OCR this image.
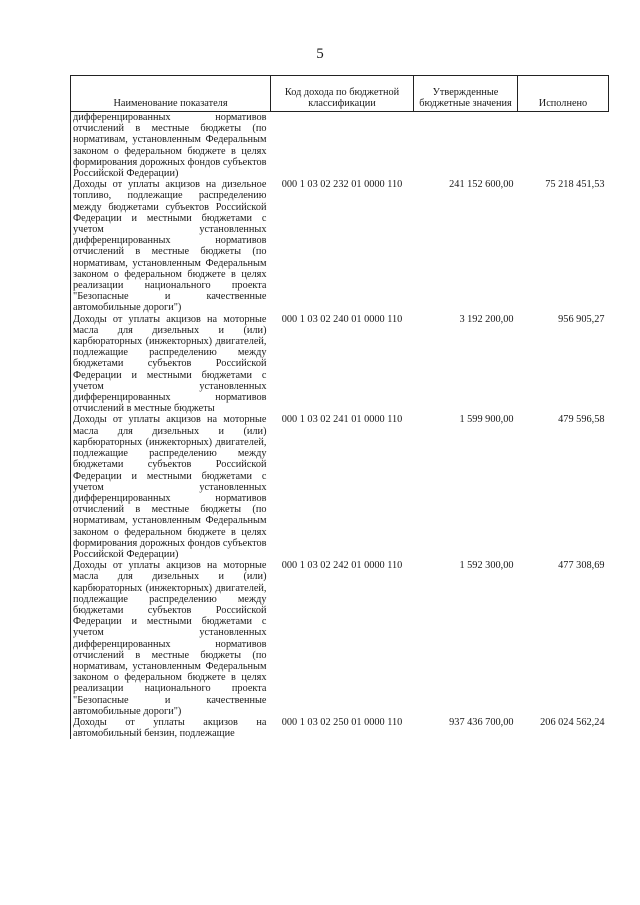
5
Наименование показателя	Код дохода по бюджетной классификации	Утвержденные бюджетные значения	Исполнено
дифференцированных нормативов отчислений в местные бюджеты (по нормативам, установленным Федеральным законом о федеральном бюджете в целях формирования дорожных фондов субъектов Российской Федерации)			
Доходы от уплаты акцизов на дизельное топливо, подлежащие распределению между бюджетами субъектов Российской Федерации и местными бюджетами с учетом установленных дифференцированных нормативов отчислений в местные бюджеты (по нормативам, установленным Федеральным законом о федеральном бюджете в целях реализации национального проекта "Безопасные и качественные автомобильные дороги")	000 1 03 02 232 01 0000 110	241 152 600,00	75 218 451,53
Доходы от уплаты акцизов на моторные масла для дизельных и (или) карбюраторных (инжекторных) двигателей, подлежащие распределению между бюджетами субъектов Российской Федерации и местными бюджетами с учетом установленных дифференцированных нормативов отчислений в местные бюджеты	000 1 03 02 240 01 0000 110	3 192 200,00	956 905,27
Доходы от уплаты акцизов на моторные масла для дизельных и (или) карбюраторных (инжекторных) двигателей, подлежащие распределению между бюджетами субъектов Российской Федерации и местными бюджетами с учетом установленных дифференцированных нормативов отчислений в местные бюджеты (по нормативам, установленным Федеральным законом о федеральном бюджете в целях формирования дорожных фондов субъектов Российской Федерации)	000 1 03 02 241 01 0000 110	1 599 900,00	479 596,58
Доходы от уплаты акцизов на моторные масла для дизельных и (или) карбюраторных (инжекторных) двигателей, подлежащие распределению между бюджетами субъектов Российской Федерации и местными бюджетами с учетом установленных дифференцированных нормативов отчислений в местные бюджеты (по нормативам, установленным Федеральным законом о федеральном бюджете в целях реализации национального проекта "Безопасные и качественные автомобильные дороги")	000 1 03 02 242 01 0000 110	1 592 300,00	477 308,69
Доходы от уплаты акцизов на автомобильный бензин, подлежащие	000 1 03 02 250 01 0000 110	937 436 700,00	206 024 562,24
